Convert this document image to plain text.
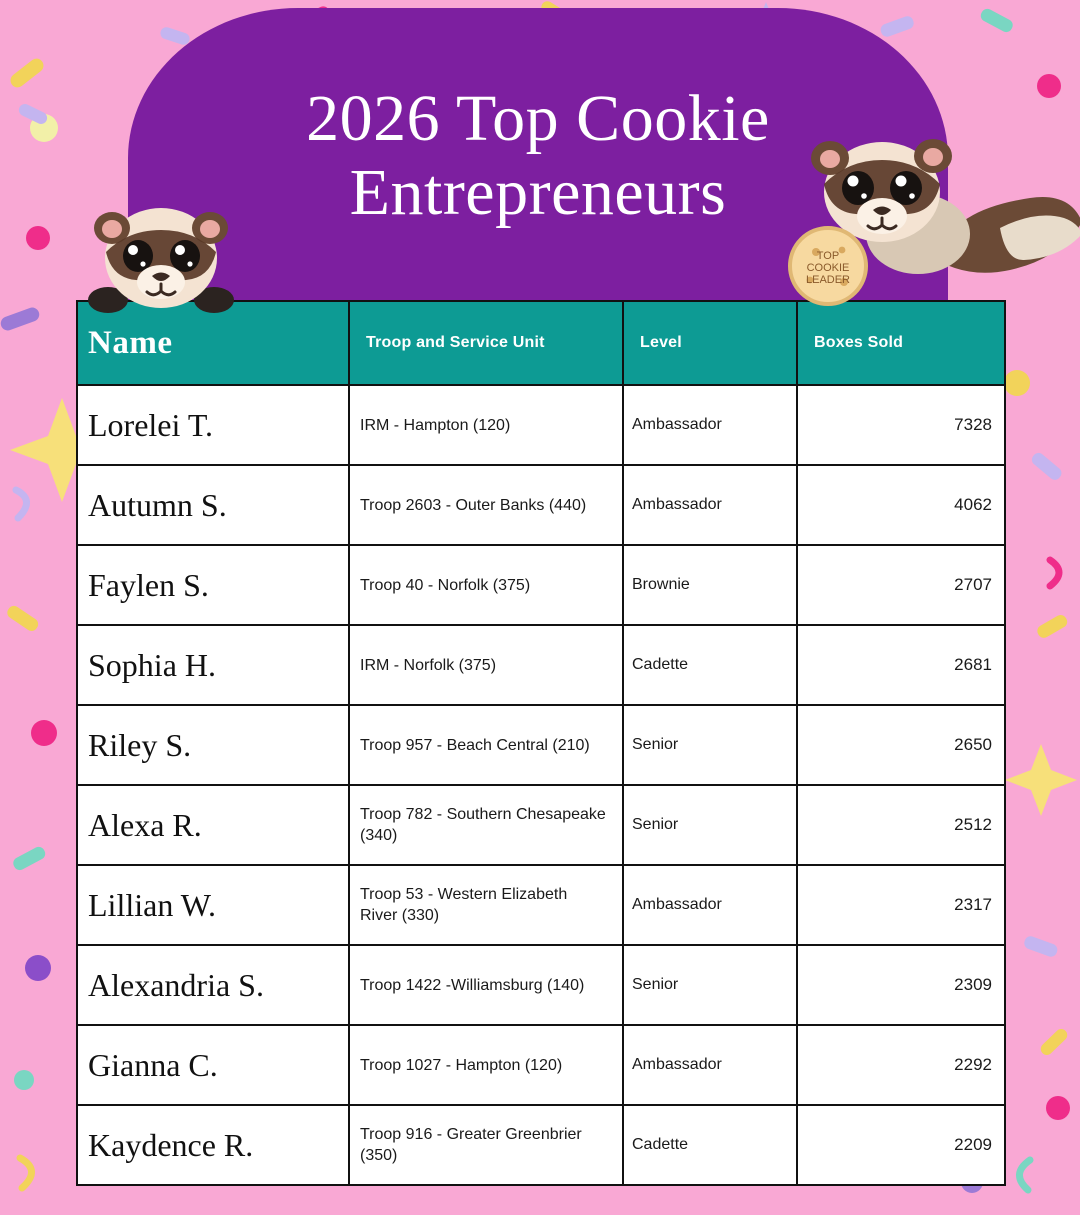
2026 Top Cookie
Entrepreneurs
TOP
COOKIE
LEADER
Name	Troop and Service Unit	Level	Boxes Sold
Lorelei T.	IRM - Hampton (120)	Ambassador	7328
Autumn S.	Troop 2603 - Outer Banks (440)	Ambassador	4062
Faylen S.	Troop 40 - Norfolk (375)	Brownie	2707
Sophia H.	IRM - Norfolk (375)	Cadette	2681
Riley S.	Troop 957 - Beach Central (210)	Senior	2650
Alexa R.	Troop 782 - Southern Chesapeake (340)	Senior	2512
Lillian W.	Troop 53 - Western Elizabeth River (330)	Ambassador	2317
Alexandria S.	Troop 1422 -Williamsburg (140)	Senior	2309
Gianna C.	Troop 1027 - Hampton (120)	Ambassador	2292
Kaydence R.	Troop 916 - Greater Greenbrier (350)	Cadette	2209
